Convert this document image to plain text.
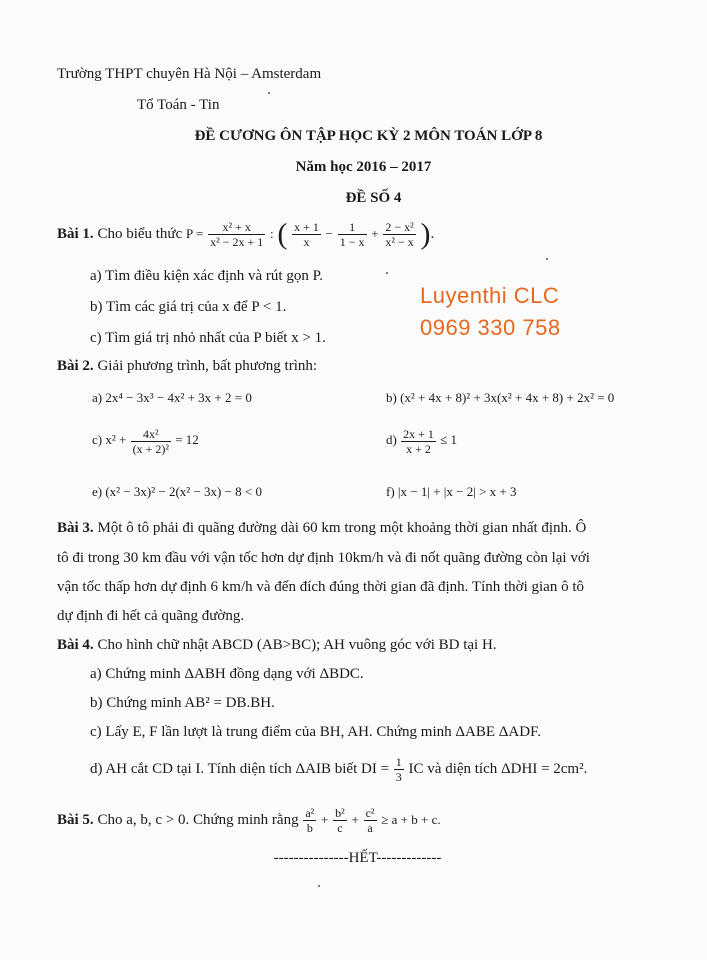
Trường THPT chuyên Hà Nội – Amsterdam
Tổ Toán - Tin
ĐỀ CƯƠNG ÔN TẬP HỌC KỲ 2 MÔN TOÁN LỚP 8
Năm học 2016 – 2017
ĐỀ SỐ 4
Bài 1. Cho biểu thức $P = \frac{\text{x² + x}}{\text{x² − 2x + 1}}$ : ( $\frac{x + 1}{x} - \frac{1}{1 - x} + \frac{\text{2 − x²}}{\text{x² − x}}$ ).
a) Tìm điều kiện xác định và rút gọn P.
b) Tìm các giá trị của x để P < 1.
c) Tìm giá trị nhỏ nhất của P biết x > 1.
Luyenthi CLC
0969 330 758
Bài 2. Giải phương trình, bất phương trình:
a) 2x⁴ − 3x³ − 4x² + 3x + 2 = 0	b) (x² + 4x + 8)² + 3x(x² + 4x + 8) + 2x² = 0
c) $x^2 + \frac{\text{4x²}}{\text{(x + 2)²}} = 12$	$d) \frac{2x + 1}{x + 2} \le 1$
e) (x² − 3x)² − 2(x² − 3x) − 8 < 0	f) |x − 1| + |x − 2| > x + 3
Bài 3. Một ô tô phải đi quãng đường dài 60 km trong một khoảng thời gian nhất định. Ô
tô đi trong 30 km đầu với vận tốc hơn dự định 10km/h và đi nốt quãng đường còn lại với
vận tốc thấp hơn dự định 6 km/h và đến đích đúng thời gian đã định. Tính thời gian ô tô
dự định đi hết cả quãng đường.
Bài 4. Cho hình chữ nhật ABCD (AB>BC); AH vuông góc với BD tại H.
a) Chứng minh ΔABH đồng dạng với ΔBDC.
b) Chứng minh AB² = DB.BH.
c) Lấy E, F lần lượt là trung điểm của BH, AH. Chứng minh ΔABE ΔADF.
d) AH cắt CD tại I. Tính diện tích ΔAIB biết DI = $\frac{1}{3}$ IC và diện tích ΔDHI = 2cm².
Bài 5. Cho a, b, c > 0. Chứng minh rằng $\frac{\text{a²}}{b} + \frac{\text{b²}}{c} + \frac{\text{c²}}{a} \ge a + b + c$.
---------------HẾT-------------
